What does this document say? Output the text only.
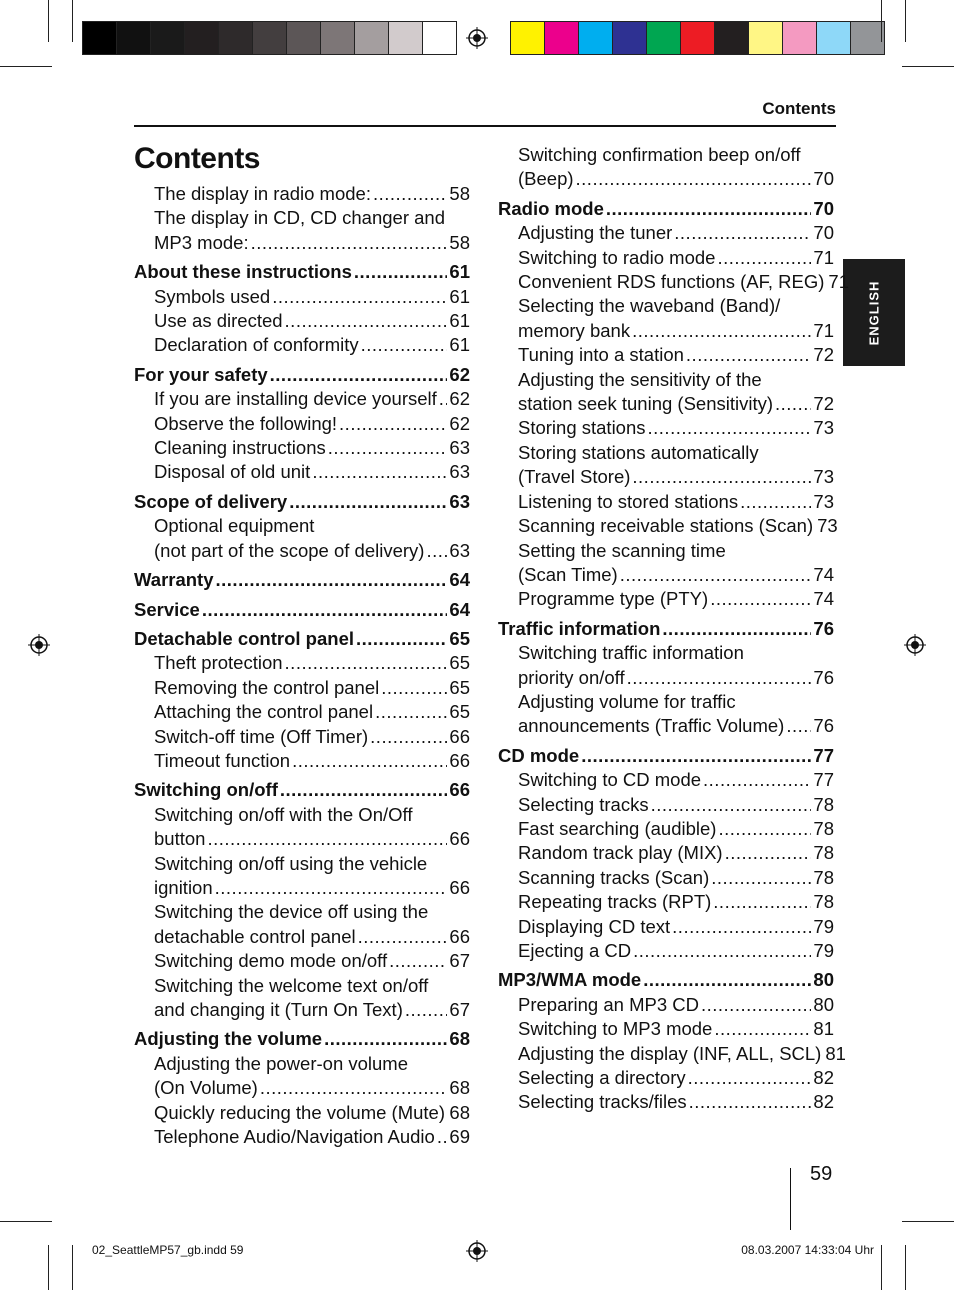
Contents
ENGLISH
Contents
The display in radio mode: .....	58
The display in CD, CD changer and
MP3 mode: .....	58
About these instructions .....	61
Symbols used .....	61
Use as directed .....	61
Declaration of conformity .....	61
For your safety .....	62
If you are installing device yourself ..... 62
Observe the following! .....	62
Cleaning instructions .....	63
Disposal of old unit .....	63
Scope of delivery .....	63
Optional equipment
(not part of the scope of delivery) ..... 63
Warranty .....	64
Service .....	64
Detachable control panel .....	65
Theft protection .....	65
Removing the control panel .....	65
Attaching the control panel .....	65
Switch-off time (Off Timer) .....	66
Timeout function .....	66
Switching on/off .....	66
Switching on/off with the On/Off
button .....	66
Switching on/off using the vehicle
ignition .....	66
Switching the device off using the
detachable control panel .....	66
Switching demo mode on/off .....	67
Switching the welcome text on/off
and changing it (Turn On Text) .....	67
Adjusting the volume .....	68
Adjusting the power-on volume
(On Volume) .....	68
Quickly reducing the volume (Mute) ..... 68
Telephone Audio/Navigation Audio ..... 69
Switching confirmation beep on/off
(Beep) .....	70
Radio mode .....	70
Adjusting the tuner .....	70
Switching to radio mode .....	71
Convenient RDS functions (AF, REG) 71
Selecting the waveband (Band)/
memory bank .....	71
Tuning into a station .....	72
Adjusting the sensitivity of the
station seek tuning (Sensitivity) ..... 72
Storing stations .....	73
Storing stations automatically
(Travel Store) .....	73
Listening to stored stations .....	73
Scanning receivable stations (Scan) 73
Setting the scanning time
(Scan Time) .....	74
Programme type (PTY) .....	74
Traffic information .....	76
Switching traffic information
priority on/off .....	76
Adjusting volume for traffic
announcements (Traffic Volume) ..... 76
CD mode .....	77
Switching to CD mode .....	77
Selecting tracks .....	78
Fast searching (audible) .....	78
Random track play (MIX) .....	78
Scanning tracks (Scan) .....	78
Repeating tracks (RPT) .....	78
Displaying CD text .....	79
Ejecting a CD .....	79
MP3/WMA mode .....	80
Preparing an MP3 CD .....	80
Switching to MP3 mode .....	81
Adjusting the display (INF, ALL, SCL) 81
Selecting a directory .....	82
Selecting tracks/files .....	82
59
02_SeattleMP57_gb.indd 59	08.03.2007 14:33:04 Uhr
